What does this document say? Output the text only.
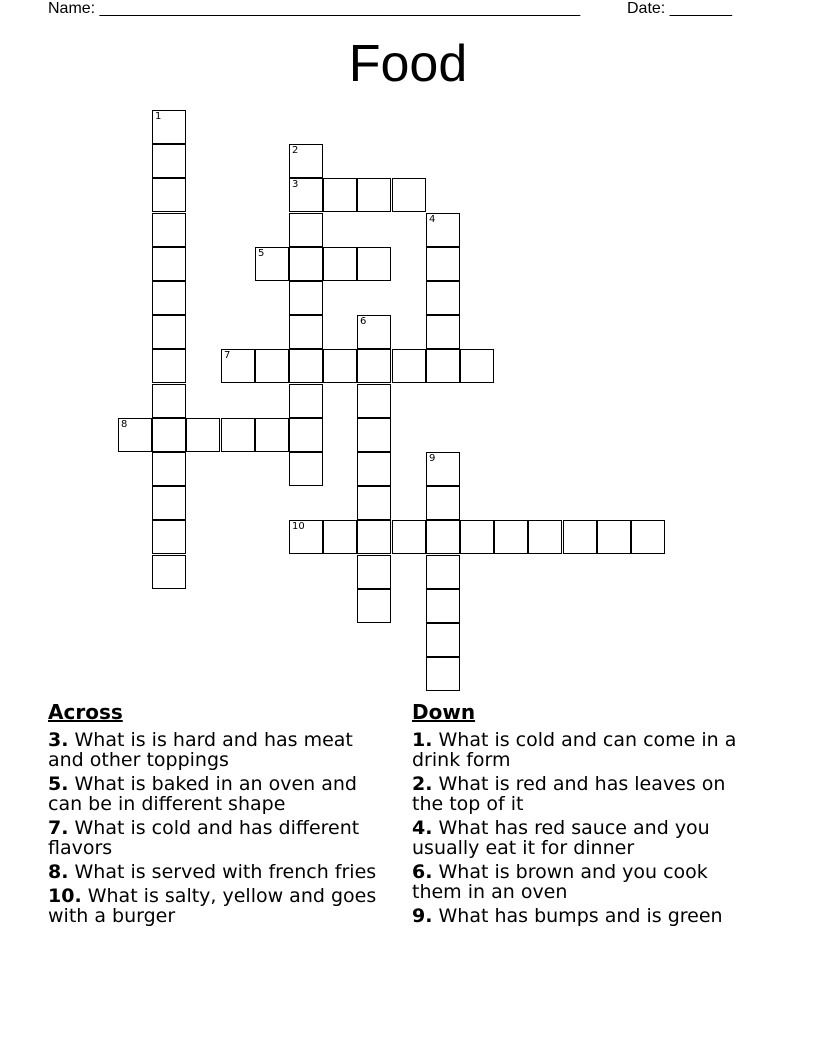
Name: ______________________________________________________	Date: _______
Food
1
2
3
4
5
6
7
8
9
10
Across
3. What is is hard and has meat and other toppings
5. What is baked in an oven and can be in different shape
7. What is cold and has different flavors
8. What is served with french fries
10. What is salty, yellow and goes with a burger
Down
1. What is cold and can come in a drink form
2. What is red and has leaves on the top of it
4. What has red sauce and you usually eat it for dinner
6. What is brown and you cook them in an oven
9. What has bumps and is green
